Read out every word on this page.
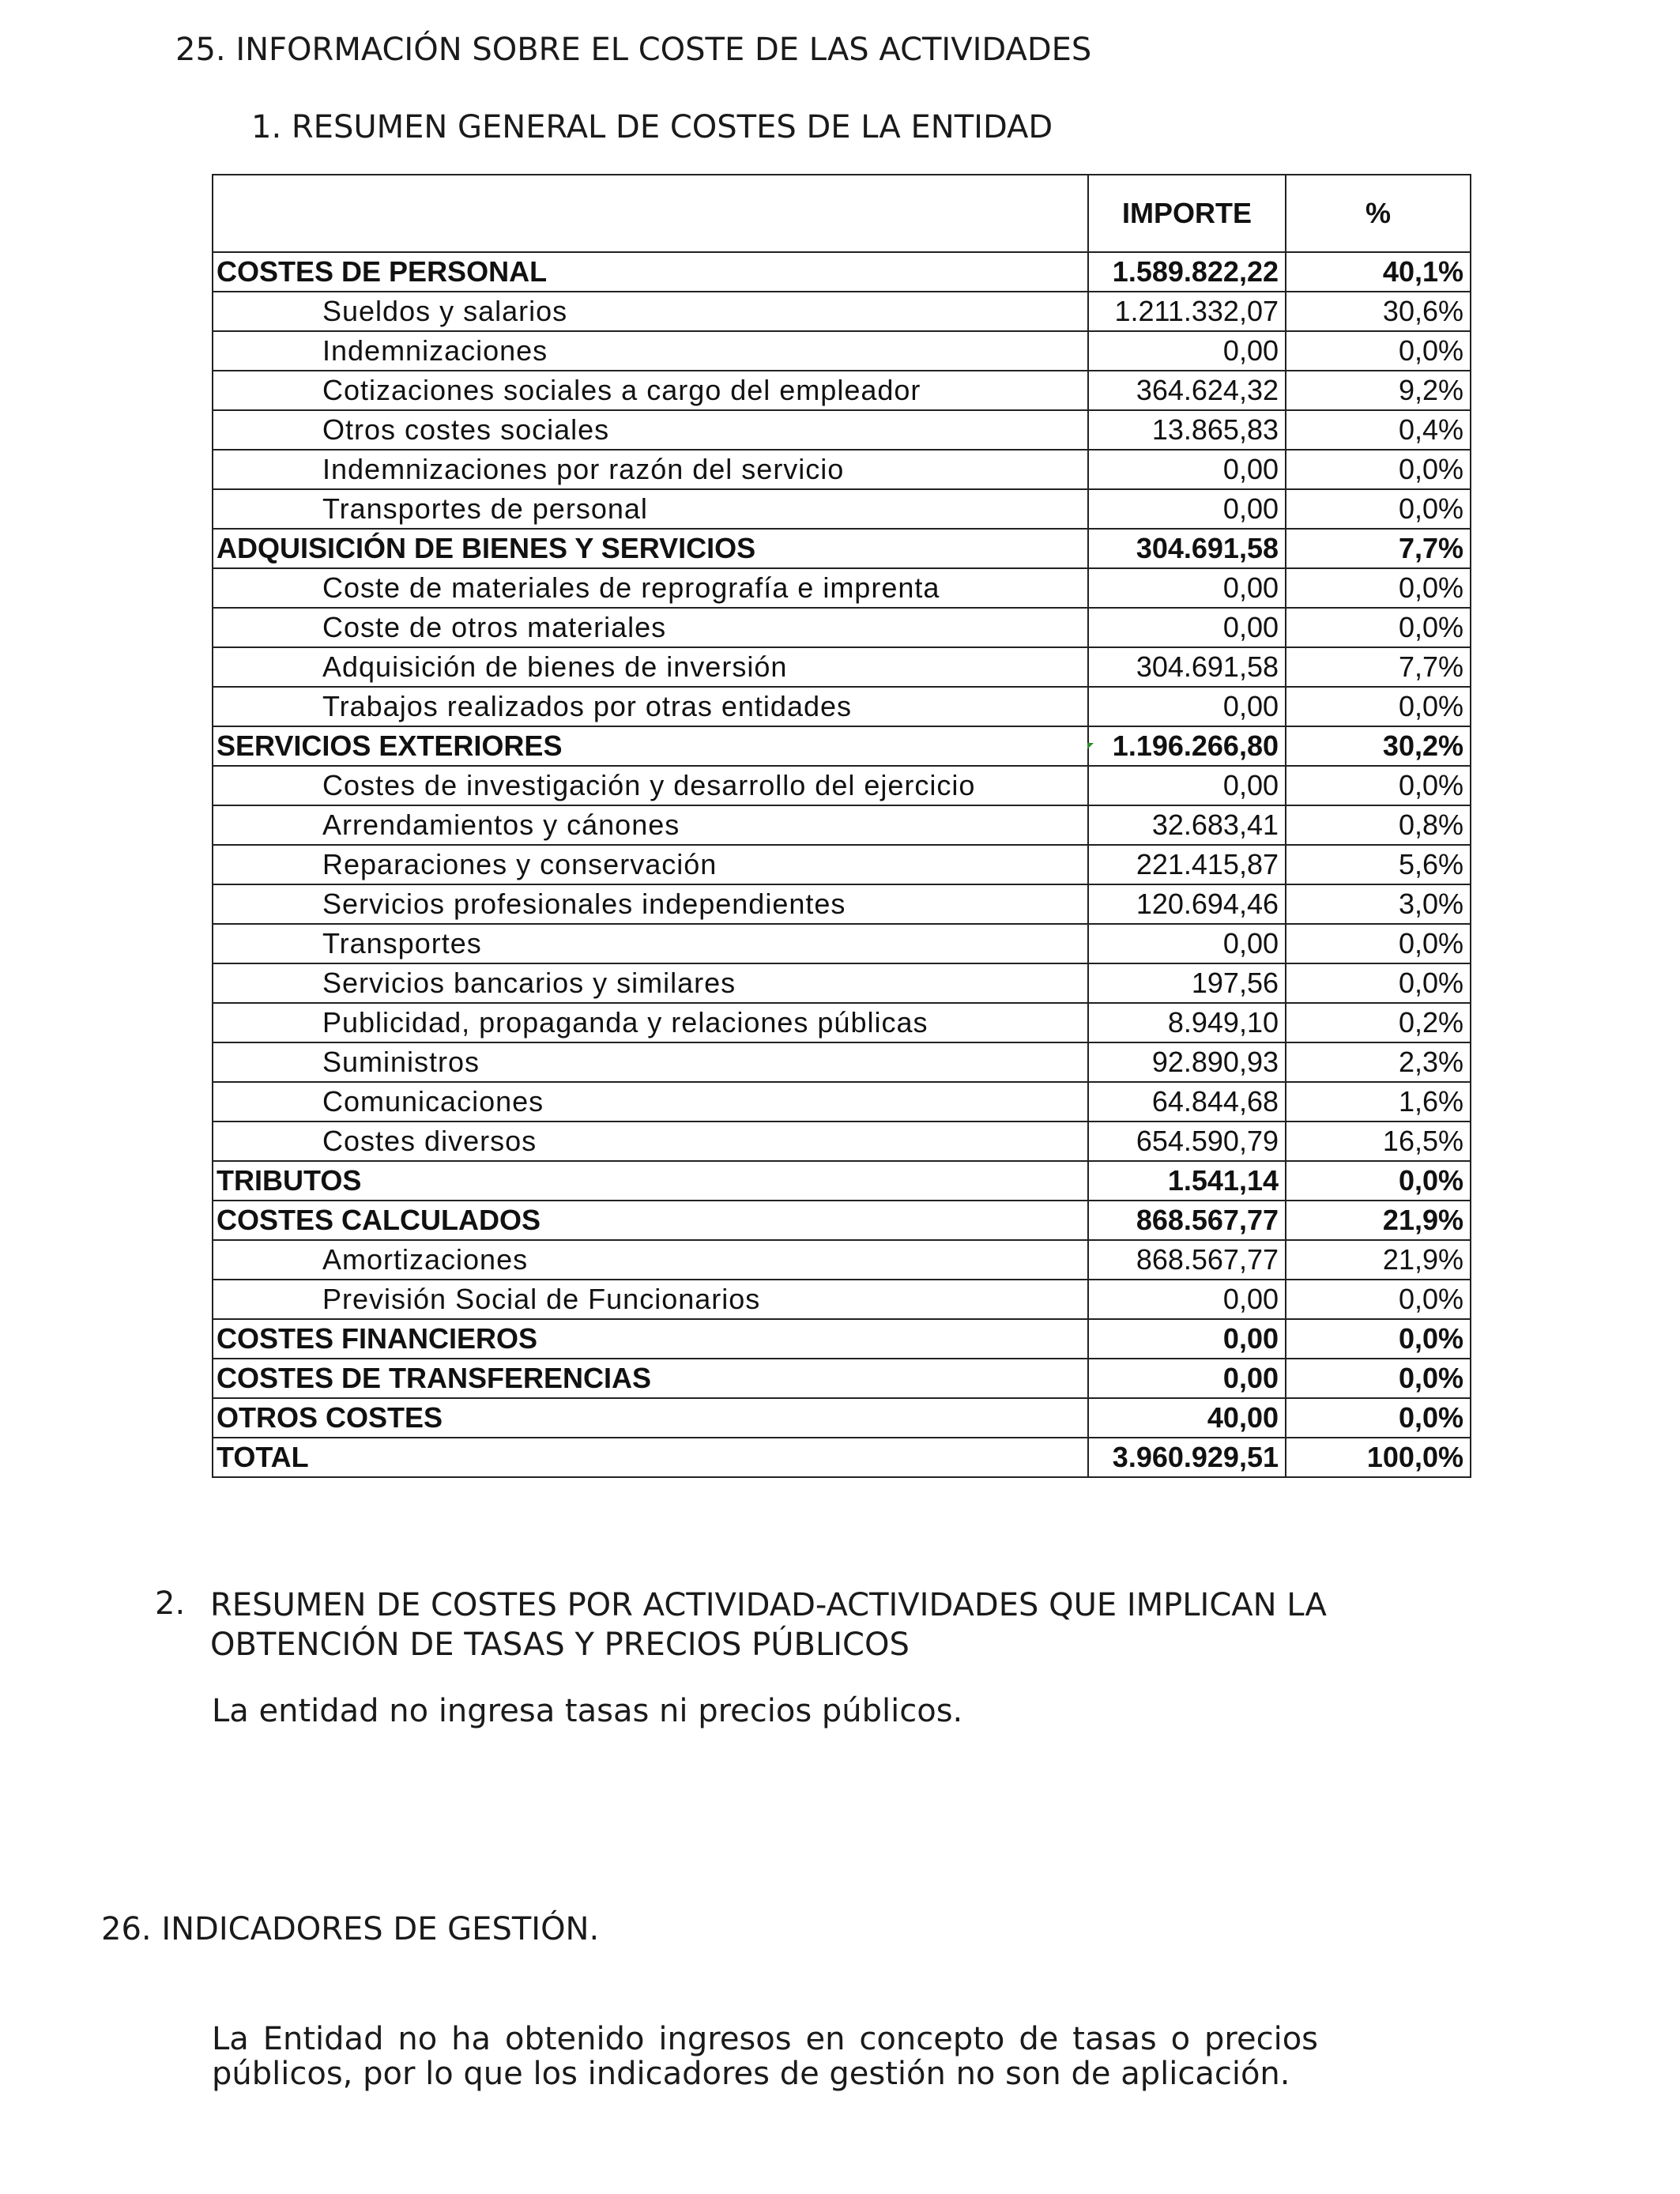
25. INFORMACIÓN SOBRE EL COSTE DE LAS ACTIVIDADES
1. RESUMEN GENERAL DE COSTES DE LA ENTIDAD
	IMPORTE	%
COSTES DE PERSONAL	1.589.822,22	40,1%
Sueldos y salarios	1.211.332,07	30,6%
Indemnizaciones	0,00	0,0%
Cotizaciones sociales a cargo del empleador	364.624,32	9,2%
Otros costes sociales	13.865,83	0,4%
Indemnizaciones por razón del servicio	0,00	0,0%
Transportes de personal	0,00	0,0%
ADQUISICIÓN DE BIENES Y SERVICIOS	304.691,58	7,7%
Coste de materiales de reprografía e imprenta	0,00	0,0%
Coste de otros materiales	0,00	0,0%
Adquisición de bienes de inversión	304.691,58	7,7%
Trabajos realizados por otras entidades	0,00	0,0%
SERVICIOS EXTERIORES	1.196.266,80	30,2%
Costes de investigación y desarrollo del ejercicio	0,00	0,0%
Arrendamientos y cánones	32.683,41	0,8%
Reparaciones y conservación	221.415,87	5,6%
Servicios profesionales independientes	120.694,46	3,0%
Transportes	0,00	0,0%
Servicios bancarios y similares	197,56	0,0%
Publicidad, propaganda y relaciones públicas	8.949,10	0,2%
Suministros	92.890,93	2,3%
Comunicaciones	64.844,68	1,6%
Costes diversos	654.590,79	16,5%
TRIBUTOS	1.541,14	0,0%
COSTES CALCULADOS	868.567,77	21,9%
Amortizaciones	868.567,77	21,9%
Previsión Social de Funcionarios	0,00	0,0%
COSTES FINANCIEROS	0,00	0,0%
COSTES DE TRANSFERENCIAS	0,00	0,0%
OTROS COSTES	40,00	0,0%
TOTAL	3.960.929,51	100,0%
2. RESUMEN DE COSTES POR ACTIVIDAD-ACTIVIDADES QUE IMPLICAN LA OBTENCIÓN DE TASAS Y PRECIOS PÚBLICOS

La entidad no ingresa tasas ni precios públicos.

26. INDICADORES DE GESTIÓN.

La Entidad no ha obtenido ingresos en concepto de tasas o precios públicos, por lo que los indicadores de gestión no son de aplicación.
